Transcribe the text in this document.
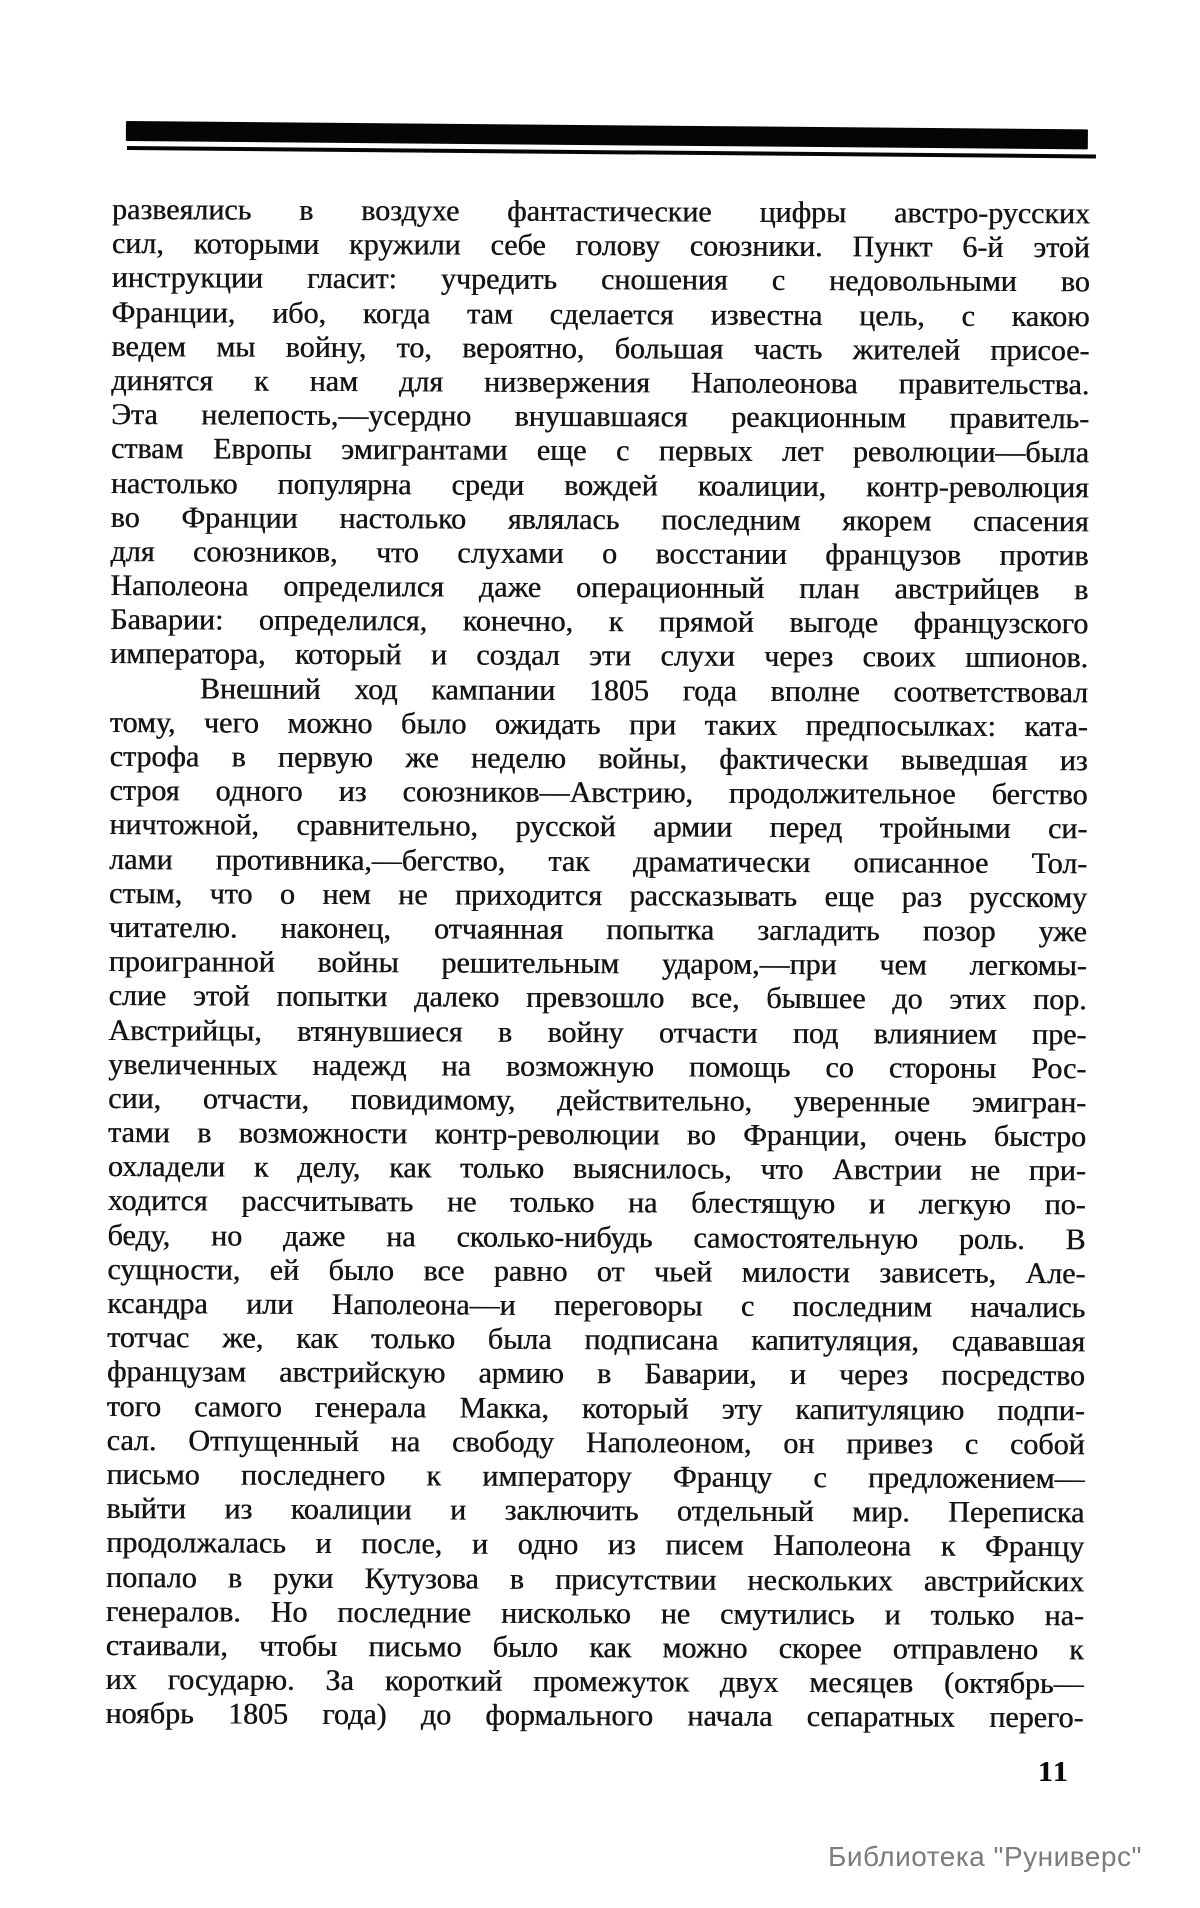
развеялись в воздухе фантастические цифры австро-русских
сил, которыми кружили себе голову союзники. Пункт 6-й этой
инструкции гласит: учредить сношения с недовольными во
Франции, ибо, когда там сделается известна цель, с какою
ведем мы войну, то, вероятно, большая часть жителей присое-
динятся к нам для низвержения Наполеонова правительства.
Эта нелепость,—усердно внушавшаяся реакционным правитель-
ствам Европы эмигрантами еще с первых лет революции—была
настолько популярна среди вождей коалиции, контр-революция
во Франции настолько являлась последним якорем спасения
для союзников, что слухами о восстании французов против
Наполеона определился даже операционный план австрийцев в
Баварии: определился, конечно, к прямой выгоде французского
императора, который и создал эти слухи через своих шпионов.
Внешний ход кампании 1805 года вполне соответствовал
тому, чего можно было ожидать при таких предпосылках: ката-
строфа в первую же неделю войны, фактически выведшая из
строя одного из союзников—Австрию, продолжительное бегство
ничтожной, сравнительно, русской армии перед тройными си-
лами противника,—бегство, так драматически описанное Тол-
стым, что о нем не приходится рассказывать еще раз русскому
читателю. наконец, отчаянная попытка загладить позор уже
проигранной войны решительным ударом,—при чем легкомы-
слие этой попытки далеко превзошло все, бывшее до этих пор.
Австрийцы, втянувшиеся в войну отчасти под влиянием пре-
увеличенных надежд на возможную помощь со стороны Рос-
сии, отчасти, повидимому, действительно, уверенные эмигран-
тами в возможности контр-революции во Франции, очень быстро
охладели к делу, как только выяснилось, что Австрии не при-
ходится рассчитывать не только на блестящую и легкую по-
беду, но даже на сколько-нибудь самостоятельную роль. В
сущности, ей было все равно от чьей милости зависеть, Але-
ксандра или Наполеона—и переговоры с последним начались
тотчас же, как только была подписана капитуляция, сдававшая
французам австрийскую армию в Баварии, и через посредство
того самого генерала Макка, который эту капитуляцию подпи-
сал. Отпущенный на свободу Наполеоном, он привез с собой
письмо последнего к императору Францу с предложением—
выйти из коалиции и заключить отдельный мир. Переписка
продолжалась и после, и одно из писем Наполеона к Францу
попало в руки Кутузова в присутствии нескольких австрийских
генералов. Но последние нисколько не смутились и только на-
стаивали, чтобы письмо было как можно скорее отправлено к
их государю. За короткий промежуток двух месяцев (октябрь—
ноябрь 1805 года) до формального начала сепаратных перего-
11
Библиотека "Руниверс"
